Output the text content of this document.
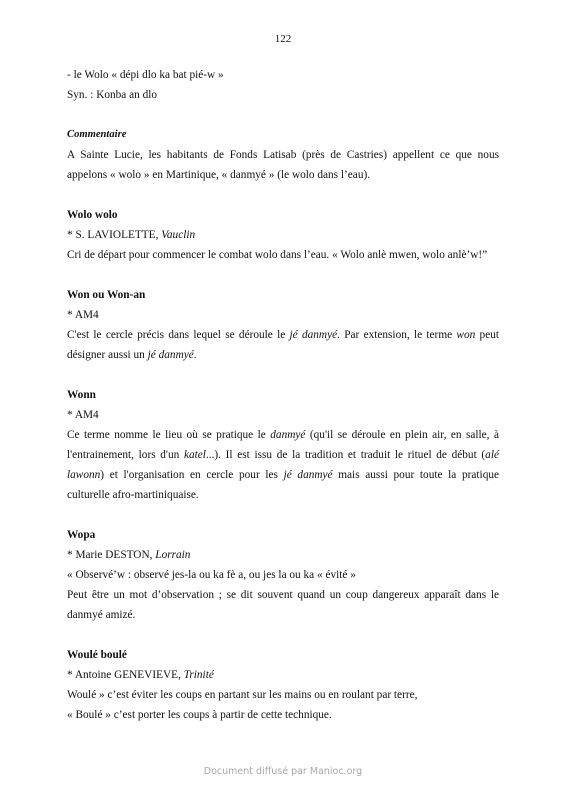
122
- le Wolo « dépi dlo ka bat pié-w »
Syn. : Konba an dlo
Commentaire
A Sainte Lucie, les habitants de Fonds Latisab (près de Castries) appellent ce que nous
appelons « wolo » en Martinique, « danmyé » (le wolo dans l’eau).
Wolo wolo
* S. LAVIOLETTE, Vauclin
Cri de départ pour commencer le combat wolo dans l’eau. « Wolo anlè mwen, wolo anlè’w!”
Won ou Won-an
* AM4
C'est le cercle précis dans lequel se déroule le jé danmyé. Par extension, le terme won peut
désigner aussi un jé danmyé.
Wonn
* AM4
Ce terme nomme le lieu où se pratique le danmyé (qu'il se déroule en plein air, en salle, à
l'entrainement, lors d'un katel...). Il est issu de la tradition et traduit le rituel de début (alé
lawonn) et l'organisation en cercle pour les jé danmyé mais aussi pour toute la pratique
culturelle afro-martiniquaise.
Wopa
* Marie DESTON, Lorrain
« Observé’w : observé jes-la ou ka fè a, ou jes la ou ka « évité »
Peut être un mot d’observation ; se dit souvent quand un coup dangereux apparaît dans le
danmyé amizé.
Woulé boulé
* Antoine GENEVIEVE, Trinité
Woulé » c’est éviter les coups en partant sur les mains ou en roulant par terre,
« Boulé » c’est porter les coups à partir de cette technique.
Document diffusé par Manioc.org
